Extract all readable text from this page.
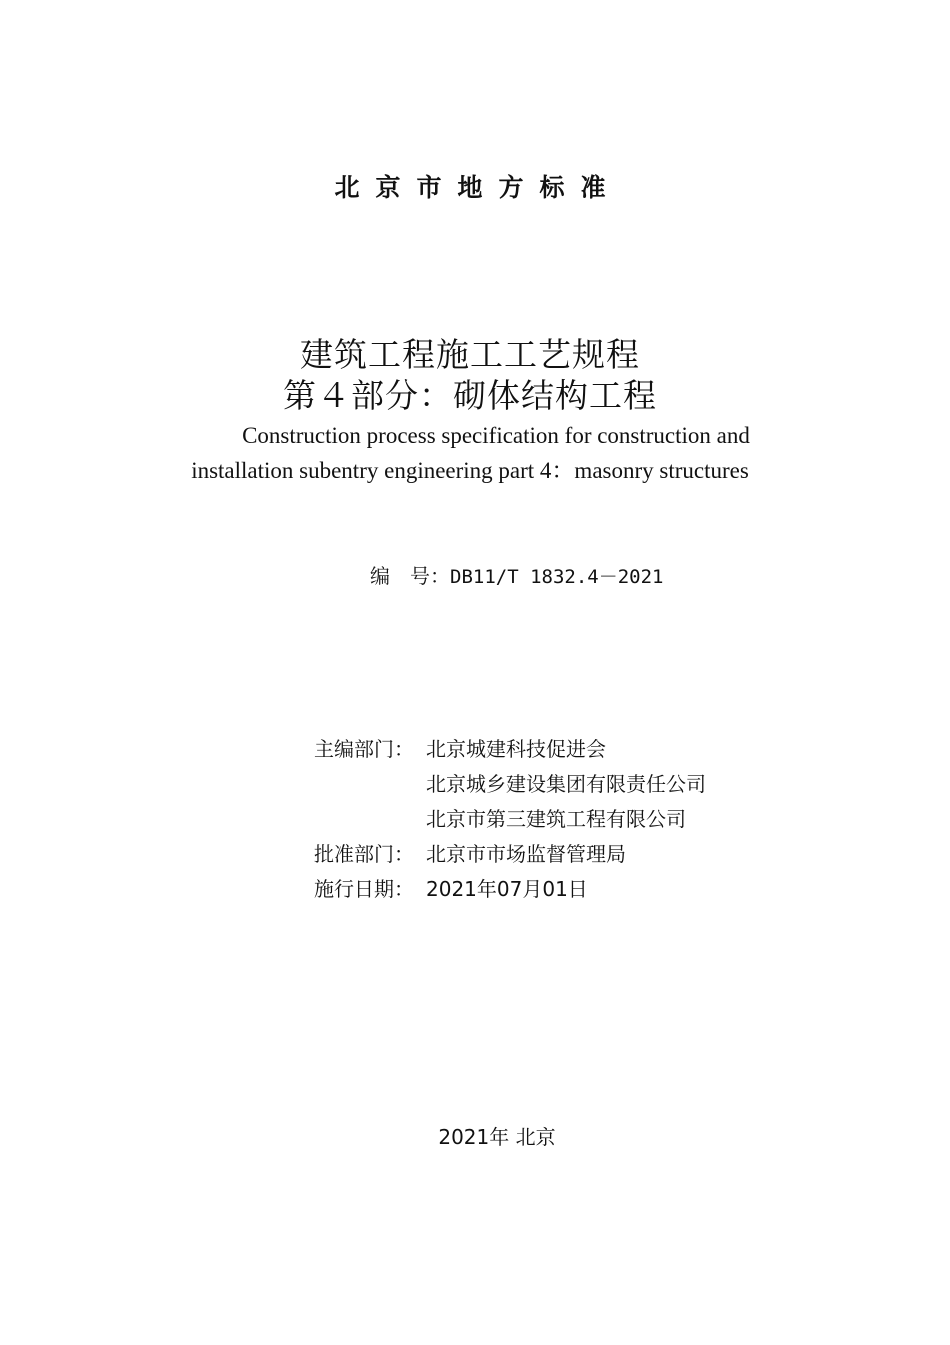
北京市地方标准
建筑工程施工工艺规程
第４部分：砌体结构工程
Construction process specification for construction and
installation subentry engineering part 4：masonry structures
编　号：DB11/T 1832.4－2021
主编部门： 北京城建科技促进会
北京城乡建设集团有限责任公司
北京市第三建筑工程有限公司
批准部门： 北京市市场监督管理局
施行日期： 2021年07月01日
2021年 北京
